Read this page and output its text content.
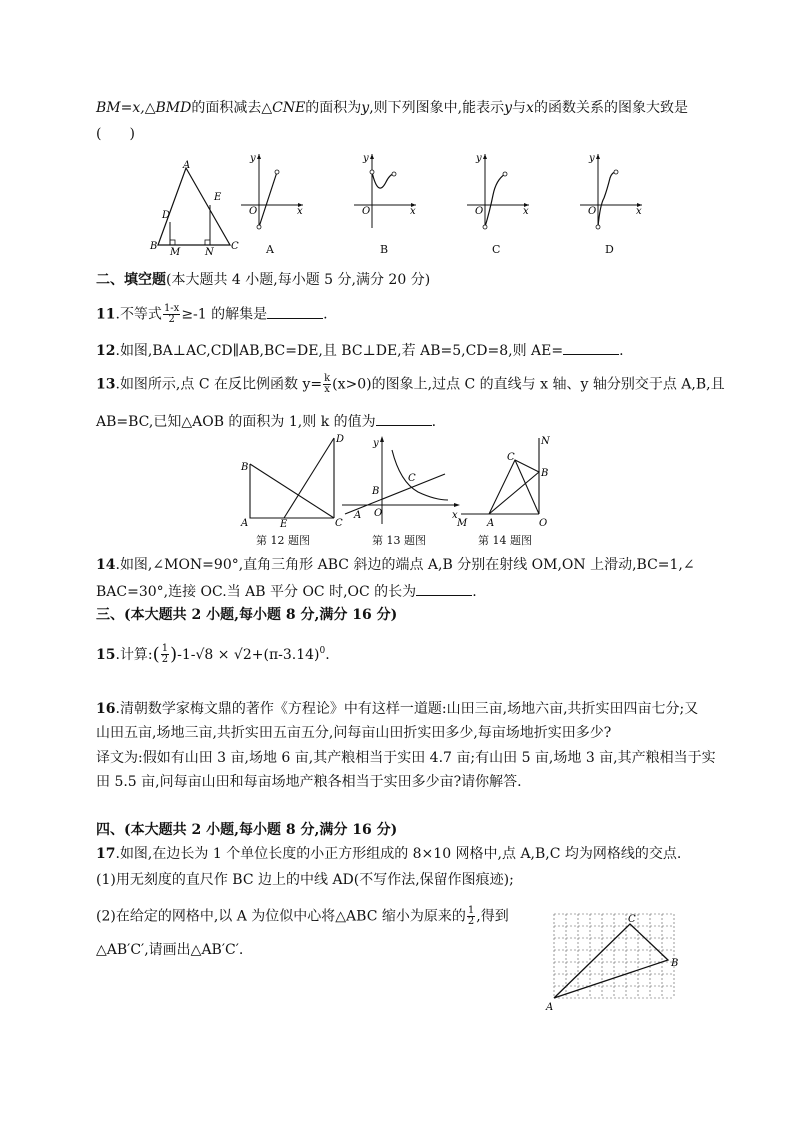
BM=x,△BMD的面积减去△CNE的面积为y,则下列图象中,能表示y与x的函数关系的图象大致是
(　　)
A
B	C
D
E
M N
y
x
O
A
y
x
O
B
y
x
O
C
y
x
O
D
二、填空题(本大题共 4 小题,每小题 5 分,满分 20 分)
11.不等式 $\frac{1-x}{2} \ge-1$ 的解集是	.
12.如图,BA⊥AC,CD∥AB,BC=DE,且 BC⊥DE,若 AB=5,CD=8,则 AE=	.
13.如图所示,点 C 在反比例函数 $y= \frac{k}{x} (x>0)$的图象上,过点 C 的直线与 x 轴、y 轴分别交于点 A,B,且
AB=BC,已知△AOB 的面积为 1,则 k 的值为	.
B
A	E	C
D
第 12 题图
y
x
B
C
A O
第 13 题图
N
C
B
M A	O
第 14 题图
14.如图,∠MON=90°,直角三角形 ABC 斜边的端点 A,B 分别在射线 OM,ON 上滑动,BC=1,∠
BAC=30°,连接 OC.当 AB 平分 OC 时,OC 的长为	.
三、(本大题共 2 小题,每小题 8 分,满分 16 分)
15.计算:( $\frac{1}{2} )-1-√8 \times √2+(\pi-3.14)^0$.
16.清朝数学家梅文鼎的著作《方程论》中有这样一道题:山田三亩,场地六亩,共折实田四亩七分;又
山田五亩,场地三亩,共折实田五亩五分,问每亩山田折实田多少,每亩场地折实田多少?
译文为:假如有山田 3 亩,场地 6 亩,其产粮相当于实田 4.7 亩;有山田 5 亩,场地 3 亩,其产粮相当于实
田 5.5 亩,问每亩山田和每亩场地产粮各相当于实田多少亩?请你解答.
四、(本大题共 2 小题,每小题 8 分,满分 16 分)
17.如图,在边长为 1 个单位长度的小正方形组成的 8×10 网格中,点 A,B,C 均为网格线的交点.
(1)用无刻度的直尺作 BC 边上的中线 AD(不写作法,保留作图痕迹);
(2)在给定的网格中,以 A 为位似中心将△ABC 缩小为原来的 $\frac{1}{2}$ ,得到
△AB′C′,请画出△AB′C′.
A
B
C
